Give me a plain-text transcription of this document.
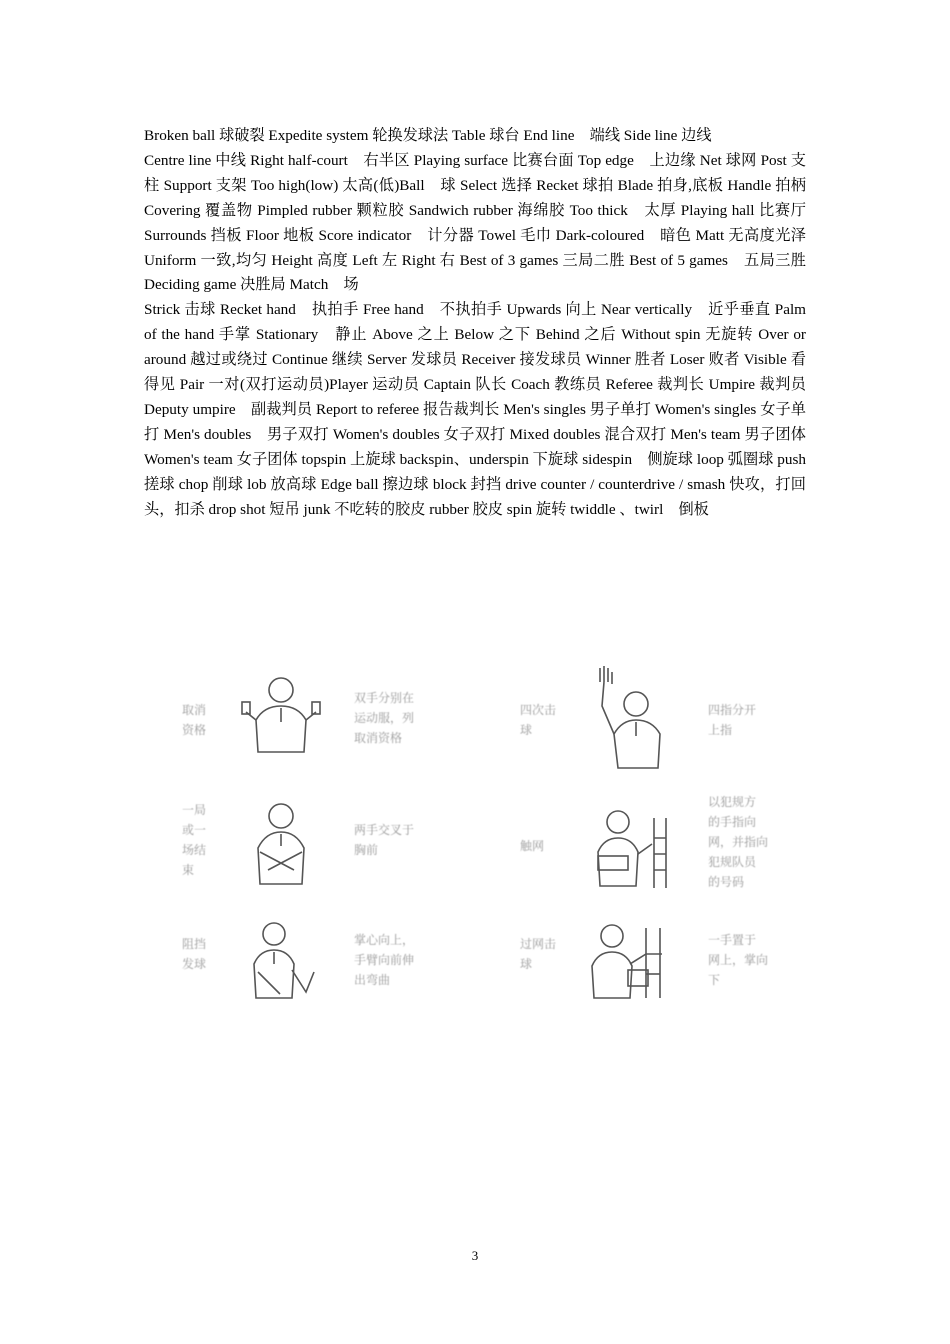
Broken ball 球破裂 Expedite system 轮换发球法 Table 球台 End line　端线 Side line 边线

Centre line 中线 Right half-court　右半区 Playing surface 比赛台面 Top edge　上边缘 Net 球网 Post 支柱 Support 支架 Too high(low) 太高(低)Ball　球 Select 选择 Recket 球拍 Blade 拍身,底板 Handle 拍柄 Covering 覆盖物 Pimpled rubber 颗粒胶 Sandwich rubber 海绵胶 Too thick　太厚 Playing hall 比赛厅 Surrounds 挡板 Floor 地板 Score indicator　计分器 Towel 毛巾 Dark-coloured　暗色 Matt 无高度光泽 Uniform 一致,均匀 Height 高度 Left 左 Right 右 Best of 3 games 三局二胜 Best of 5 games　五局三胜 Deciding game 决胜局 Match　场

Strick 击球 Recket hand　执拍手 Free hand　不执拍手 Upwards 向上 Near vertically　近乎垂直 Palm of the hand 手掌 Stationary　静止 Above 之上 Below 之下 Behind 之后 Without spin 无旋转 Over or around 越过或绕过 Continue 继续 Server 发球员 Receiver 接发球员 Winner 胜者 Loser 败者 Visible 看得见 Pair 一对(双打运动员)Player 运动员 Captain 队长 Coach 教练员 Referee 裁判长 Umpire 裁判员 Deputy umpire　副裁判员 Report to referee 报告裁判长 Men's singles 男子单打 Women's singles 女子单打 Men's doubles　男子双打 Women's doubles 女子双打 Mixed doubles 混合双打 Men's team 男子团体 Women's team 女子团体 topspin 上旋球 backspin、underspin 下旋球 sidespin　侧旋球 loop 弧圈球 push 搓球 chop 削球 lob 放高球 Edge ball 擦边球 block 封挡 drive counter / counterdrive / smash 快攻，打回头，扣杀 drop shot 短吊 junk 不吃转的胶皮 rubber 胶皮 spin 旋转 twiddle 、twirl　倒板

取消
资格
双手分别在
运动服，列
取消资格
四次击
球
四指分开
上指
一局
或一
场结
束
两手交叉于
胸前	触网
以犯规方
的手指向
网，并指向
犯规队员
的号码
阻挡
发球
掌心向上，
手臂向前伸
出弯曲
过网击
球
一手置于
网上，掌向
下
3
